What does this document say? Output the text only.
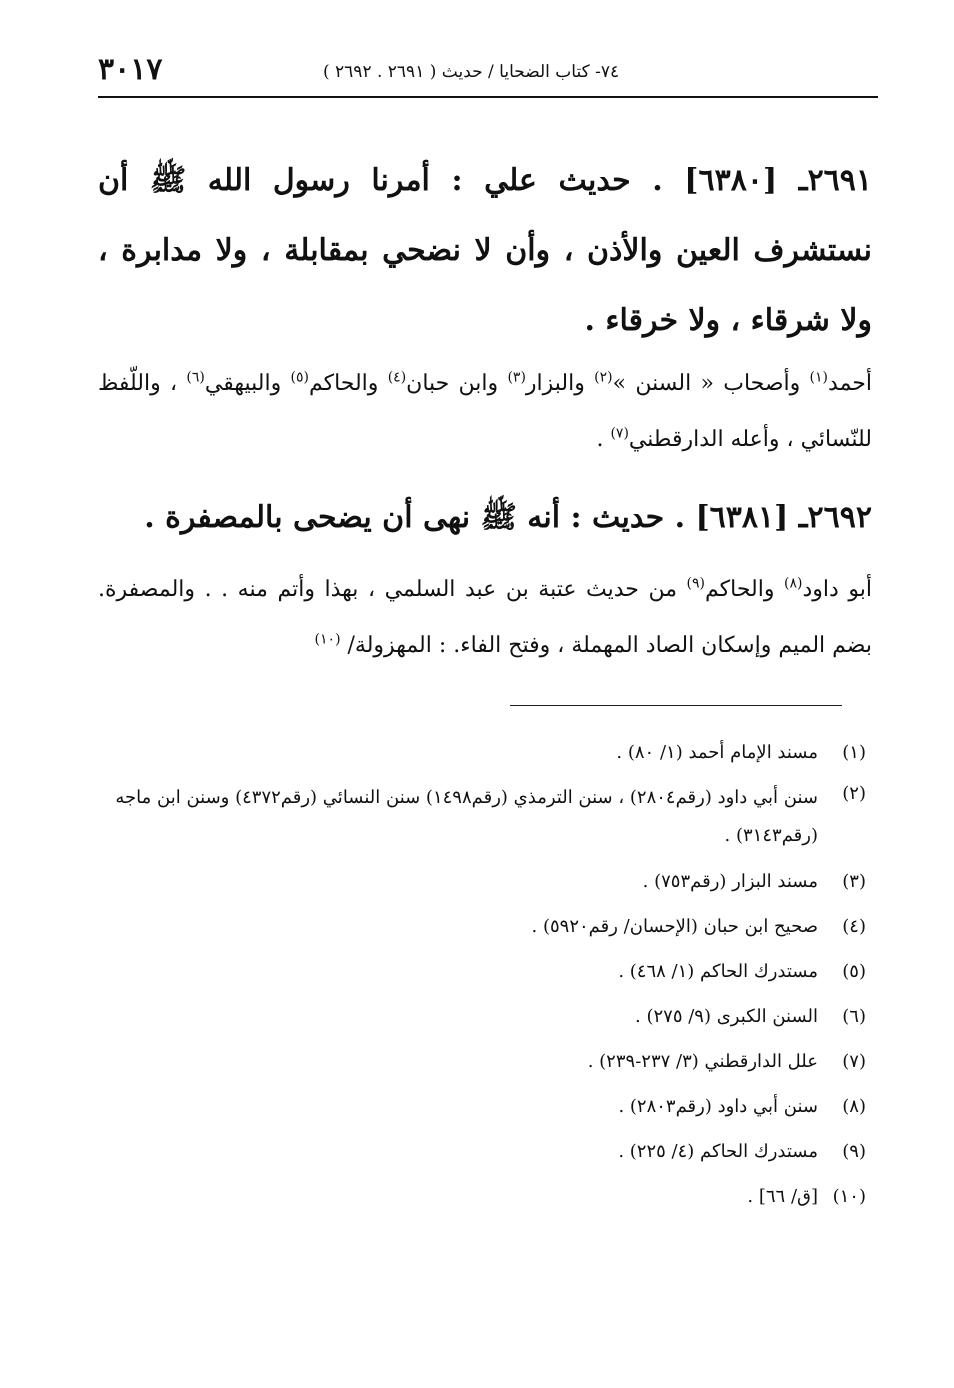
٣٠١٧	٧٤- كتاب الضحايا / حديث ( ٢٦٩١ . ٢٦٩٢ )
٢٦٩١ـ [٦٣٨٠] . حديث علي : أمرنا رسول الله ﷺ أن نستشرف العين والأذن ، وأن لا نضحي بمقابلة ، ولا مدابرة ، ولا شرقاء ، ولا خرقاء .
أحمد$^{(١)}$ وأصحاب « السنن »$^{(٢)}$ والبزار$^{(٣)}$ وابن حبان$^{(٤)}$ والحاكم$^{(٥)}$ والبيهقي$^{(٦)}$ ، واللّفظ للنّسائي ، وأعله الدارقطني$^{(٧)}$ .
٢٦٩٢ـ [٦٣٨١] . حديث : أنه ﷺ نهى أن يضحى بالمصفرة .
أبو داود$^{(٨)}$ والحاكم$^{(٩)}$ من حديث عتبة بن عبد السلمي ، بهذا وأتم منه . . والمصفرة. بضم الميم وإسكان الصاد المهملة ، وفتح الفاء. : المهزولة/ $^{(١٠)}$
(١)
مسند الإمام أحمد (١/ ٨٠) .
(٢)
سنن أبي داود (رقم٢٨٠٤) ، سنن الترمذي (رقم١٤٩٨) سنن النسائي (رقم٤٣٧٢) وسنن ابن ماجه (رقم٣١٤٣) .
(٣)
مسند البزار (رقم٧٥٣) .
(٤)
صحيح ابن حبان (الإحسان/ رقم٥٩٢٠) .
(٥)
مستدرك الحاكم (١/ ٤٦٨) .
(٦)
السنن الكبرى (٩/ ٢٧٥) .
(٧)
علل الدارقطني (٣/ ٢٣٧-٢٣٩) .
(٨)
سنن أبي داود (رقم٢٨٠٣) .
(٩)
مستدرك الحاكم (٤/ ٢٢٥) .
(١٠)
[ق/ ٦٦] .
